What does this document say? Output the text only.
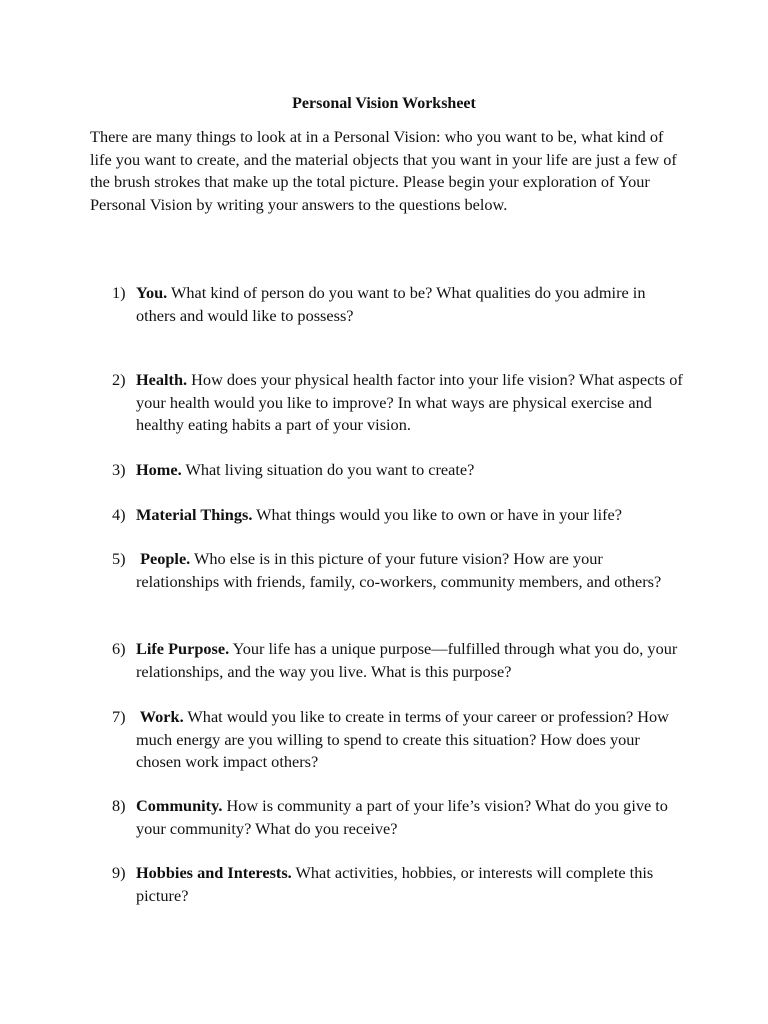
Personal Vision Worksheet

There are many things to look at in a Personal Vision: who you want to be, what kind of life you want to create, and the material objects that you want in your life are just a few of the brush strokes that make up the total picture. Please begin your exploration of Your Personal Vision by writing your answers to the questions below.

1) You. What kind of person do you want to be? What qualities do you admire in others and would like to possess?
2) Health. How does your physical health factor into your life vision? What aspects of your health would you like to improve? In what ways are physical exercise and healthy eating habits a part of your vision.
3) Home. What living situation do you want to create?
4) Material Things. What things would you like to own or have in your life?
5) People. Who else is in this picture of your future vision? How are your relationships with friends, family, co-workers, community members, and others?
6) Life Purpose. Your life has a unique purpose—fulfilled through what you do, your relationships, and the way you live. What is this purpose?
7) Work. What would you like to create in terms of your career or profession? How much energy are you willing to spend to create this situation? How does your chosen work impact others?
8) Community. How is community a part of your life’s vision? What do you give to your community? What do you receive?
9) Hobbies and Interests. What activities, hobbies, or interests will complete this picture?
